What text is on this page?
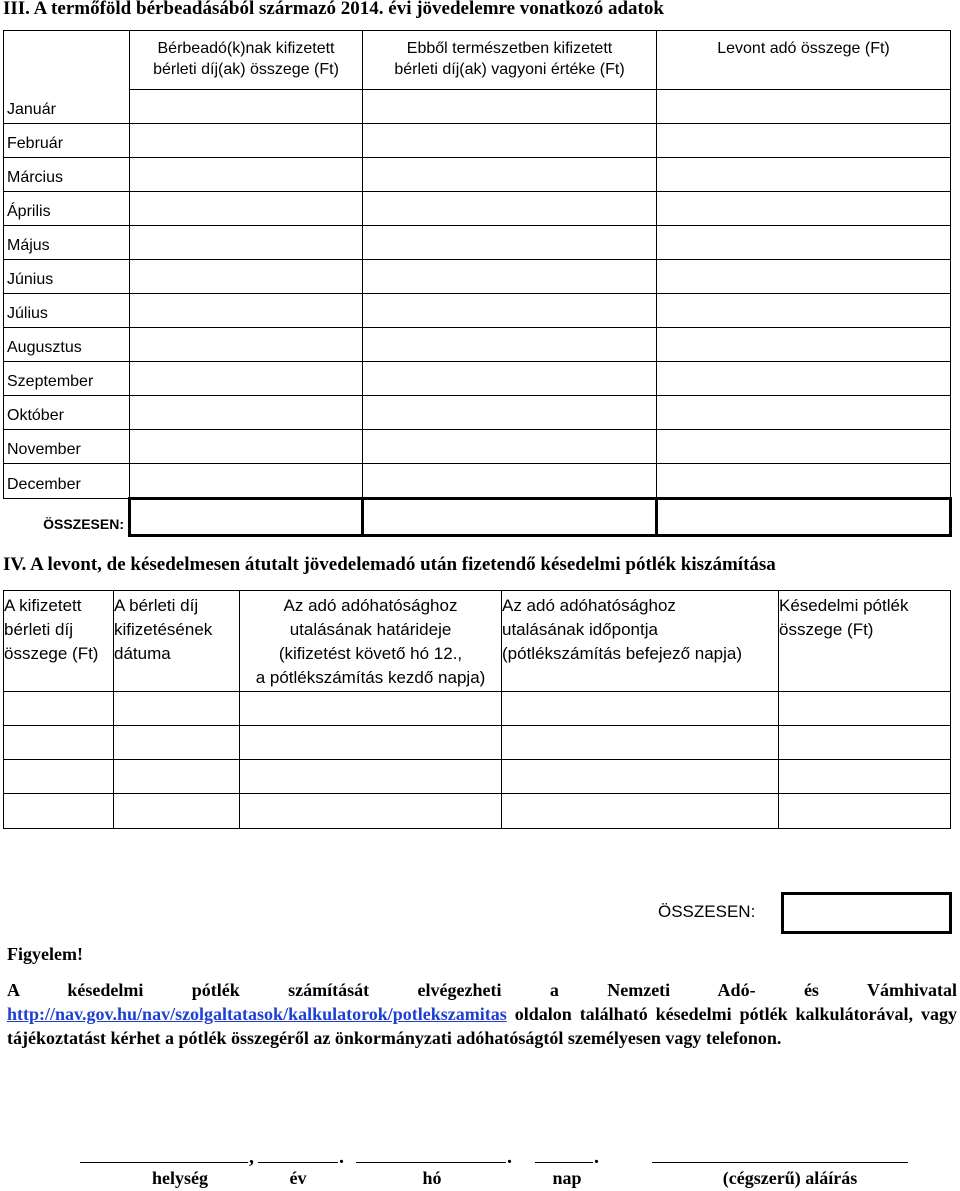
III. A termőföld bérbeadásából származó 2014. évi jövedelemre vonatkozó adatok
	Bérbeadó(k)nak kifizetett
bérleti díj(ak) összege (Ft)	Ebből természetben kifizetett
bérleti díj(ak) vagyoni értéke (Ft)	Levont adó összege (Ft)
Január			
Február			
Március			
Április			
Május			
Június			
Július			
Augusztus			
Szeptember			
Október			
November			
December			
ÖSSZESEN:			
IV. A levont, de késedelmesen átutalt jövedelemadó után fizetendő késedelmi pótlék kiszámítása
A kifizetett
bérleti díj
összege (Ft)	A bérleti díj
kifizetésének
dátuma	Az adó adóhatósághoz
utalásának határideje
(kifizetést követő hó 12.,
a pótlékszámítás kezdő napja)	Az adó adóhatósághoz
utalásának időpontja
(pótlékszámítás befejező napja)	Késedelmi pótlék
összege (Ft)

ÖSSZESEN:
Figyelem!
A késedelmi pótlék számítását elvégezheti a Nemzeti Adó- és Vámhivatal http://nav.gov.hu/nav/szolgaltatasok/kalkulatorok/potlekszamitas oldalon található késedelmi pótlék kalkulátorával, vagy tájékoztatást kérhet a pótlék összegéről az önkormányzati adóhatóságtól személyesen vagy telefonon.
,	.	.	.
helység	év	hó	nap	(cégszerű) aláírás
